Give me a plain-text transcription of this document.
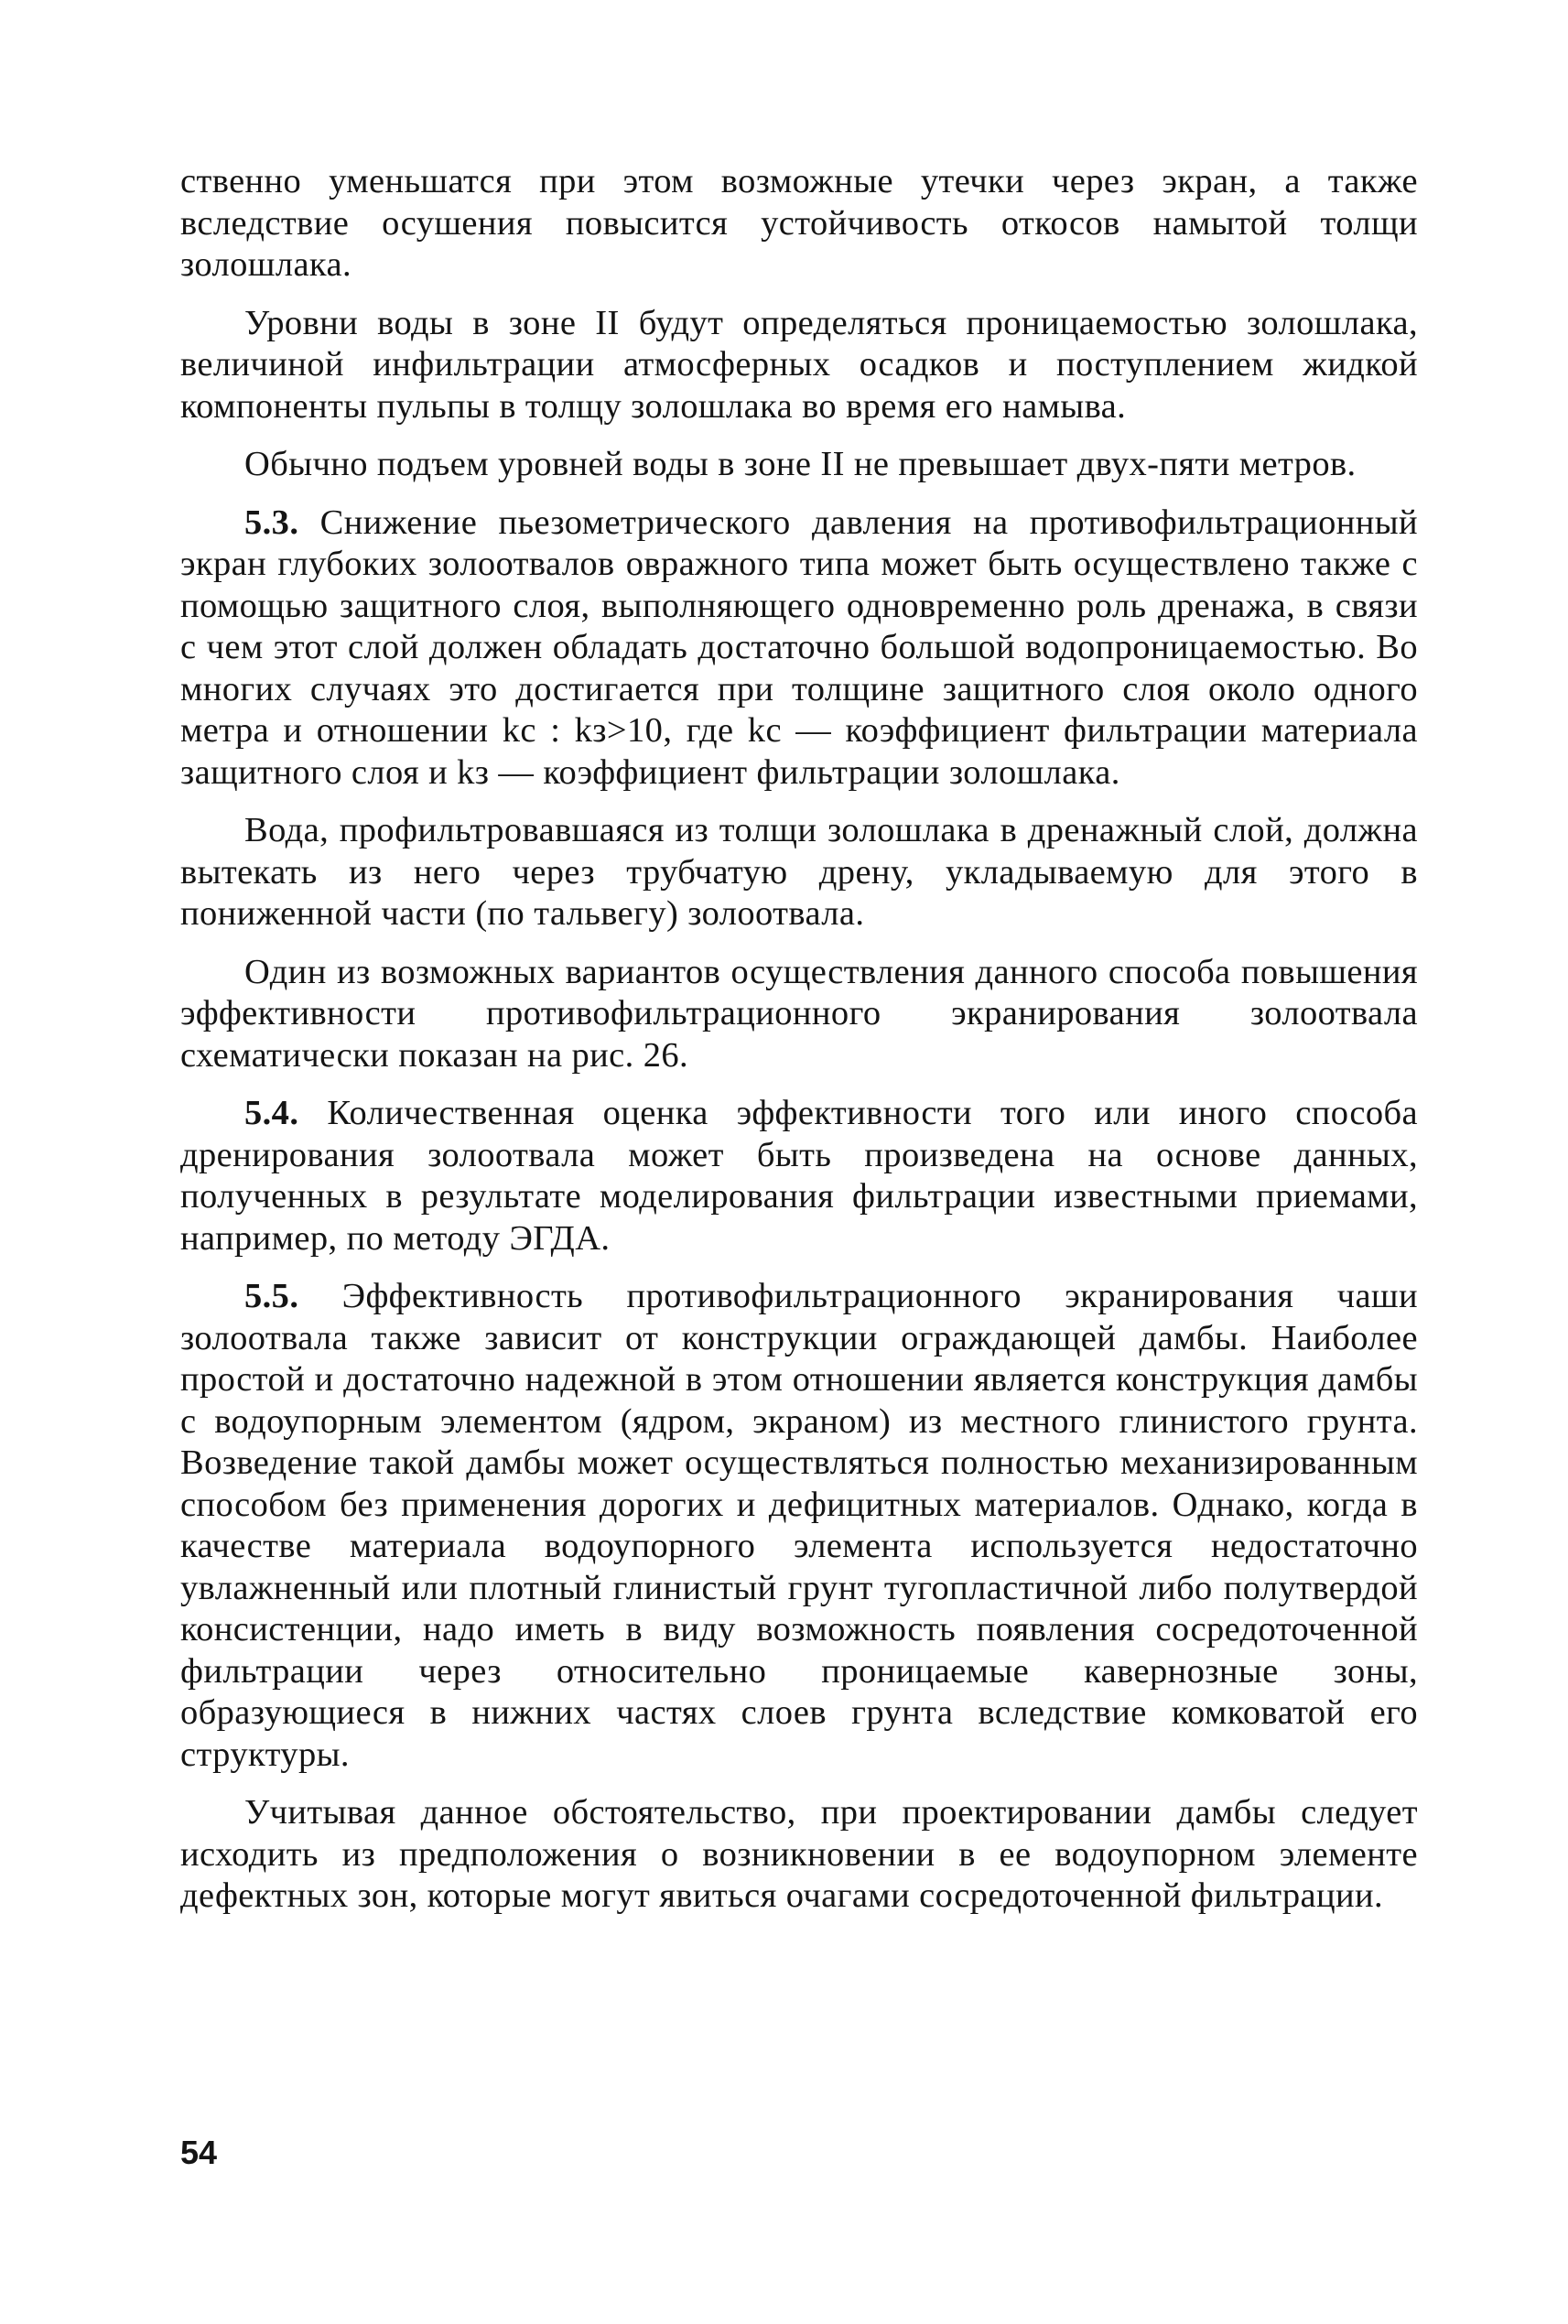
ственно уменьшатся при этом возможные утечки через экран, а также вследствие осушения повысится устойчивость откосов намытой толщи золошлака.

Уровни воды в зоне II будут определяться проницаемостью золошлака, величиной инфильтрации атмосферных осадков и поступлением жидкой компоненты пульпы в толщу золошлака во время его намыва.

Обычно подъем уровней воды в зоне II не превышает двух-пяти метров.

5.3. Снижение пьезометрического давления на противофильтрационный экран глубоких золоотвалов овражного типа может быть осуществлено также с помощью защитного слоя, выполняющего одновременно роль дренажа, в связи с чем этот слой должен обладать достаточно большой водопроницаемостью. Во многих случаях это достигается при толщине защитного слоя около одного метра и отношении kс : kз>10, где kс — коэффициент фильтрации материала защитного слоя и kз — коэффициент фильтрации золошлака.

Вода, профильтровавшаяся из толщи золошлака в дренажный слой, должна вытекать из него через трубчатую дрену, укладываемую для этого в пониженной части (по тальвегу) золоотвала.

Один из возможных вариантов осуществления данного способа повышения эффективности противофильтрационного экранирования золоотвала схематически показан на рис. 26.

5.4. Количественная оценка эффективности того или иного способа дренирования золоотвала может быть произведена на основе данных, полученных в результате моделирования фильтрации известными приемами, например, по методу ЭГДА.

5.5. Эффективность противофильтрационного экранирования чаши золоотвала также зависит от конструкции ограждающей дамбы. Наиболее простой и достаточно надежной в этом отношении является конструкция дамбы с водоупорным элементом (ядром, экраном) из местного глинистого грунта. Возведение такой дамбы может осуществляться полностью механизированным способом без применения дорогих и дефицитных материалов. Однако, когда в качестве материала водоупорного элемента используется недостаточно увлажненный или плотный глинистый грунт тугопластичной либо полутвердой консистенции, надо иметь в виду возможность появления сосредоточенной фильтрации через относительно проницаемые кавернозные зоны, образующиеся в нижних частях слоев грунта вследствие комковатой его структуры.

Учитывая данное обстоятельство, при проектировании дамбы следует исходить из предположения о возникновении в ее водоупорном элементе дефектных зон, которые могут явиться очагами сосредоточенной фильтрации.

54
